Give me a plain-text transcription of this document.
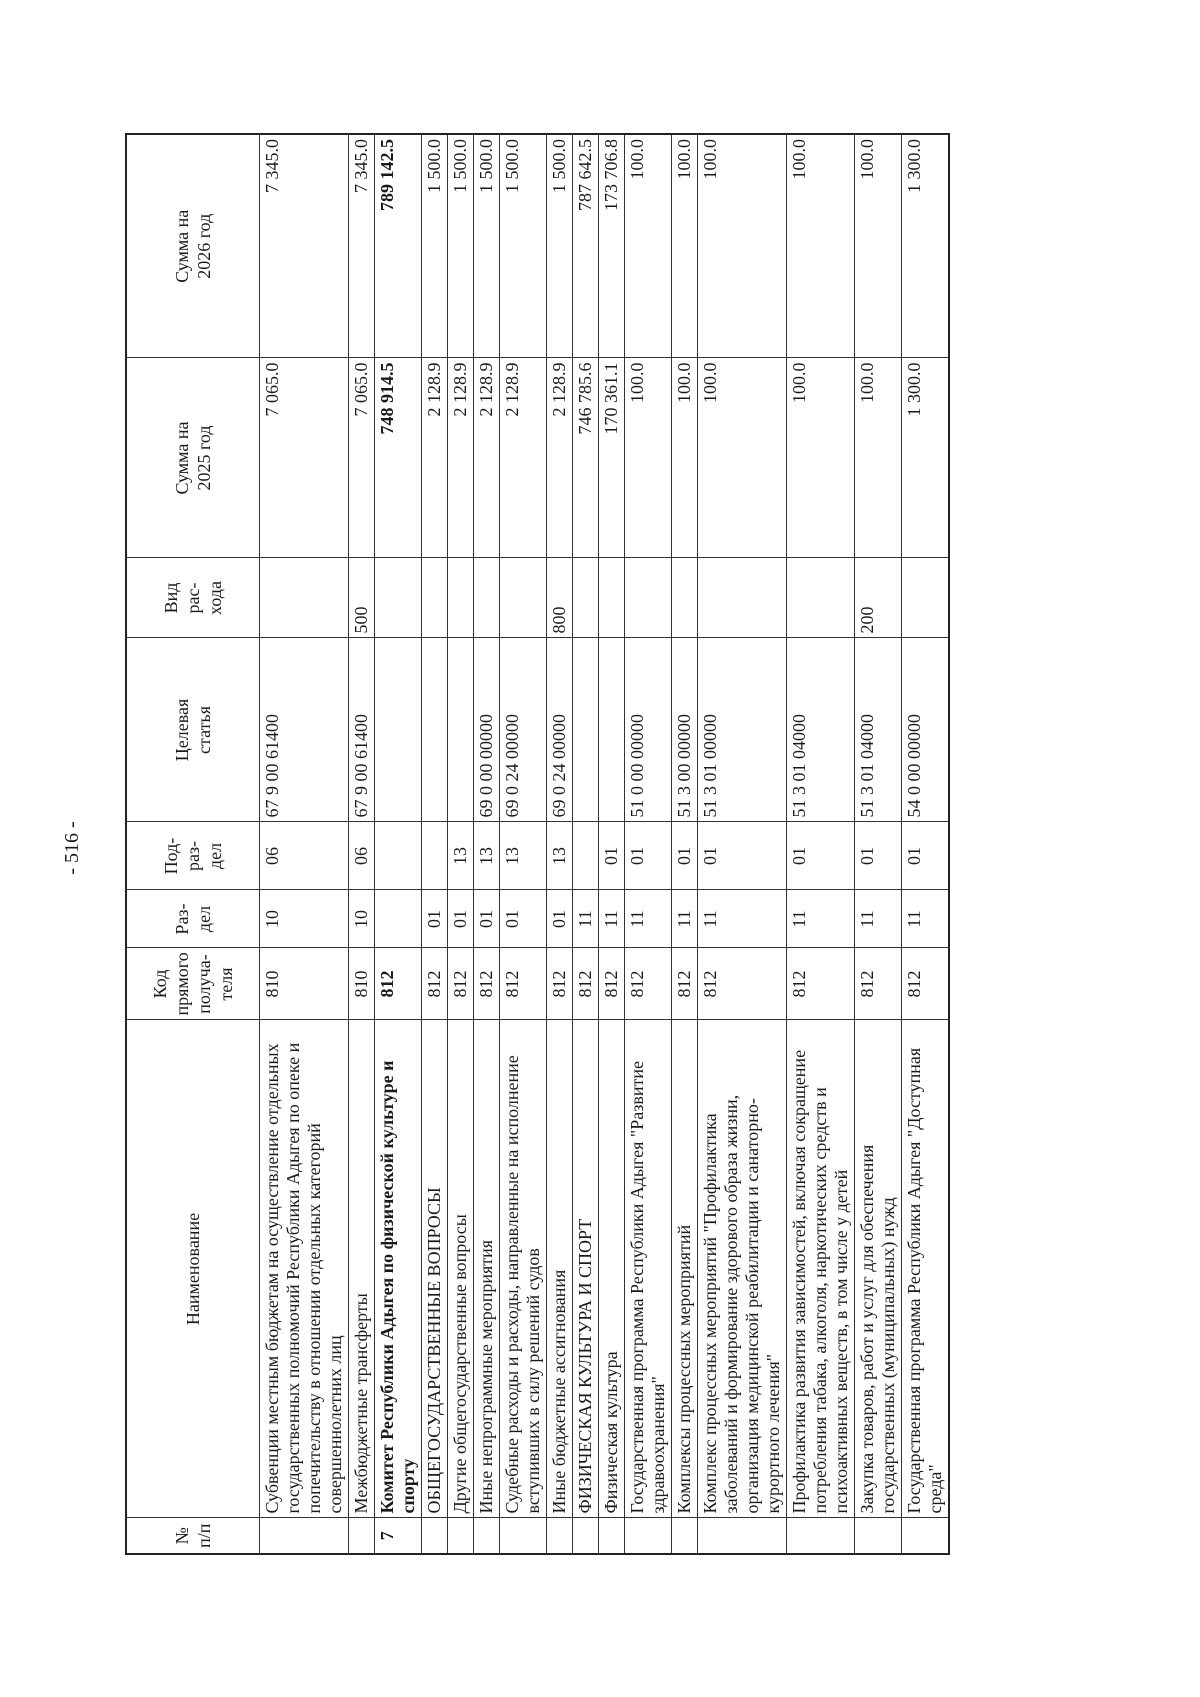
- 516 -
№
п/п	Наименование	Код
прямого
получа-
теля	Раз-
дел	Под-
раз-
дел	Целевая
статья	Вид
рас-
хода	Сумма на
2025 год	Сумма на
2026 год
	Субвенции местным бюджетам на осуществление отдельных государственных полномочий Республики Адыгея по опеке и попечительству в отношении отдельных категорий совершеннолетних лиц	810	10	06	67 9 00 61400		7 065.0	7 345.0
	Межбюджетные трансферты	810	10	06	67 9 00 61400	500	7 065.0	7 345.0
7	Комитет Республики Адыгея по физической культуре и спорту	812					748 914.5	789 142.5
	ОБЩЕГОСУДАРСТВЕННЫЕ ВОПРОСЫ	812	01				2 128.9	1 500.0
	Другие общегосударственные вопросы	812	01	13			2 128.9	1 500.0
	Иные непрограммные мероприятия	812	01	13	69 0 00 00000		2 128.9	1 500.0
	Судебные расходы и расходы, направленные на исполнение вступивших в силу решений судов	812	01	13	69 0 24 00000		2 128.9	1 500.0
	Иные бюджетные ассигнования	812	01	13	69 0 24 00000	800	2 128.9	1 500.0
	ФИЗИЧЕСКАЯ КУЛЬТУРА И СПОРТ	812	11				746 785.6	787 642.5
	Физическая культура	812	11	01			170 361.1	173 706.8
	Государственная программа Республики Адыгея "Развитие здравоохранения"	812	11	01	51 0 00 00000		100.0	100.0
	Комплексы процессных мероприятий	812	11	01	51 3 00 00000		100.0	100.0
	Комплекс процессных мероприятий "Профилактика заболеваний и формирование здорового образа жизни, организация медицинской реабилитации и санаторно-курортного лечения"	812	11	01	51 3 01 00000		100.0	100.0
	Профилактика развития зависимостей, включая сокращение потребления табака, алкоголя, наркотических средств и психоактивных веществ, в том числе у детей	812	11	01	51 3 01 04000		100.0	100.0
	Закупка товаров, работ и услуг для обеспечения государственных (муниципальных) нужд	812	11	01	51 3 01 04000	200	100.0	100.0
	Государственная программа Республики Адыгея "Доступная среда"	812	11	01	54 0 00 00000		1 300.0	1 300.0
